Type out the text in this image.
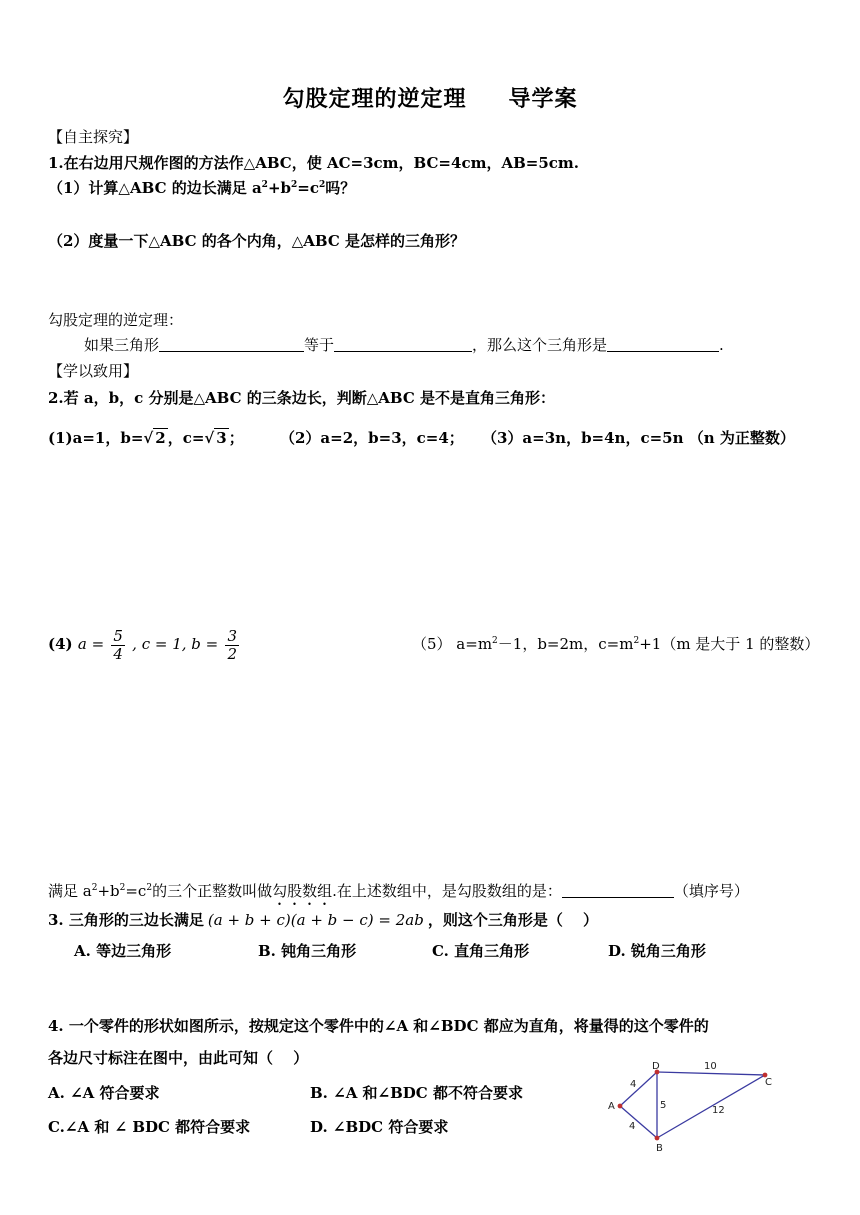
勾股定理的逆定理 导学案
【自主探究】
1.在右边用尺规作图的方法作△ABC，使 AC=3cm，BC=4cm，AB=5cm.
（1）计算△ABC 的边长满足 $a^2+b^2=c^2$吗？
（2）度量一下△ABC 的各个内角，△ABC 是怎样的三角形？
勾股定理的逆定理：
如果三角形	等于	，那么这个三角形是	.
【学以致用】
2.若 a，b，c 分别是△ABC 的三条边长，判断△ABC 是不是直角三角形：
(1)a=1，b=√ 2 ，c=√ 3 ； （2）a=2，b=3，c=4； （3）a=3n，b=4n，c=5n （n 为正整数）
(4) $a = \frac{5}{4}$ , c = 1, $b = \frac{3}{2}$	（5） $a=m^2-1$，b=2m，$c=m^2+1(m$ 是大于 1 的整数）
满足 $a^2+b^2=c^2$的三个正整数叫做勾股数组.在上述数组中，是勾股数组的是：	（填序号）
3. 三角形的三边长满足 (a + b + c)(a + b − c) = 2ab ，则这个三角形是（　 ）
A. 等边三角形	B. 钝角三角形	C. 直角三角形	D. 锐角三角形
4. 一个零件的形状如图所示，按规定这个零件中的∠A 和∠BDC 都应为直角，将量得的这个零件的
各边尺寸标注在图中，由此可知（　 ）
A. ∠A 符合要求	B. ∠A 和∠BDC 都不符合要求
C.∠A 和 ∠ BDC 都符合要求	D. ∠BDC 符合要求
A
D
B
C
4
4
5
10
12
